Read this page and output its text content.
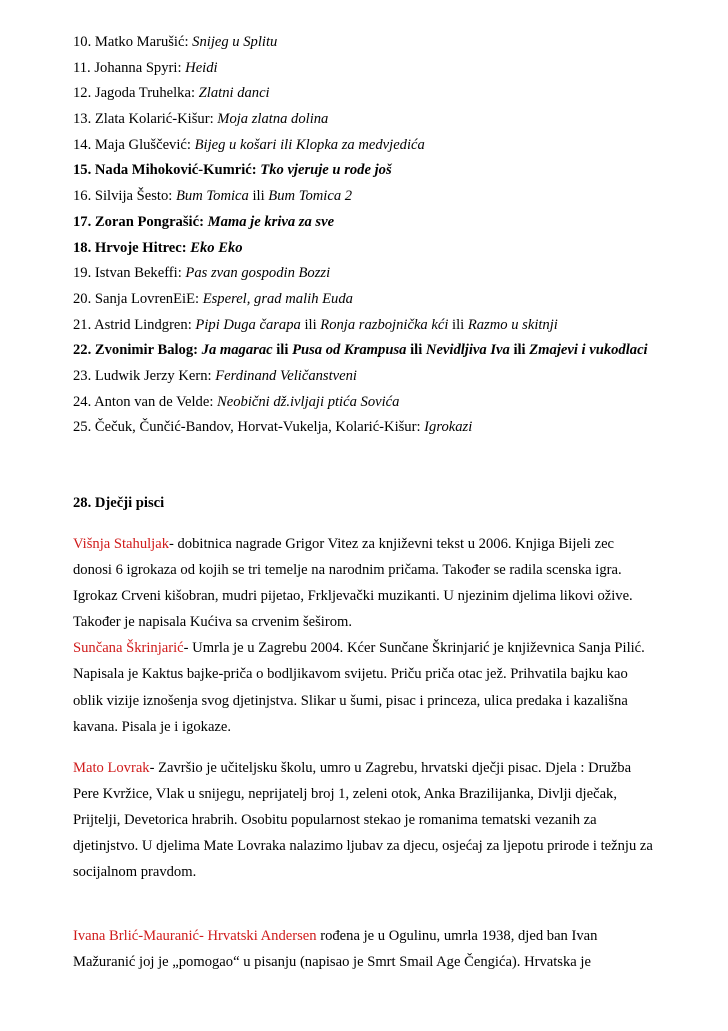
10. Matko Marušić: Snijeg u Splitu
11. Johanna Spyri: Heidi
12. Jagoda Truhelka: Zlatni danci
13. Zlata Kolarić-Kišur: Moja zlatna dolina
14. Maja Gluščević: Bijeg u košari ili Klopka za medvjedića
15. Nada Mihoković-Kumrić: Tko vjeruje u rode još
16. Silvija Šesto: Bum Tomica ili Bum Tomica 2
17. Zoran Pongrašić: Mama je kriva za sve
18. Hrvoje Hitrec: Eko Eko
19. Istvan Bekeffi: Pas zvan gospodin Bozzi
20. Sanja LovrenEiE: Esperel, grad malih Euda
21. Astrid Lindgren: Pipi Duga čarapa ili Ronja razbojnička kći ili Razmo u skitnji
22. Zvonimir Balog: Ja magarac ili Pusa od Krampusa ili Nevidljiva Iva ili Zmajevi i vukodlaci
23. Ludwik Jerzy Kern: Ferdinand Veličanstveni
24. Anton van de Velde: Neobični dž.ivljaji ptića Sovića
25. Čečuk, Čunčić-Bandov, Horvat-Vukelja, Kolarić-Kišur: Igrokazi
28. Dječji pisci
Višnja Stahuljak- dobitnica nagrade Grigor Vitez za književni tekst u 2006. Knjiga Bijeli zec
donosi 6 igrokaza od kojih se tri temelje na narodnim pričama. Također se radila scenska igra.
Igrokaz Crveni kišobran, mudri pijetao, Frkljevački muzikanti. U njezinim djelima likovi ožive.
Također je napisala Kućiva sa crvenim šeširom.
Sunčana Škrinjarić- Umrla je u Zagrebu 2004. Kćer Sunčane Škrinjarić je književnica Sanja Pilić.
Napisala je Kaktus bajke-priča o bodljikavom svijetu. Priču priča otac jež. Prihvatila bajku kao
oblik vizije iznošenja svog djetinjstva. Slikar u šumi, pisac i princeza, ulica predaka i kazališna
kavana. Pisala je i igokaze.
Mato Lovrak- Završio je učiteljsku školu, umro u Zagrebu, hrvatski dječji pisac. Djela : Družba
Pere Kvržice, Vlak u snijegu, neprijatelj broj 1, zeleni otok, Anka Brazilijanka, Divlji dječak,
Prijtelji, Devetorica hrabrih. Osobitu popularnost stekao je romanima tematski vezanih za
djetinjstvo. U djelima Mate Lovraka nalazimo ljubav za djecu, osjećaj za ljepotu prirode i težnju za
socijalnom pravdom.
Ivana Brlić-Mauranić- Hrvatski Andersen rođena je u Ogulinu, umrla 1938, djed ban Ivan
Mažuranić joj je „pomogao“ u pisanju (napisao je Smrt Smail Age Čengića). Hrvatska je
